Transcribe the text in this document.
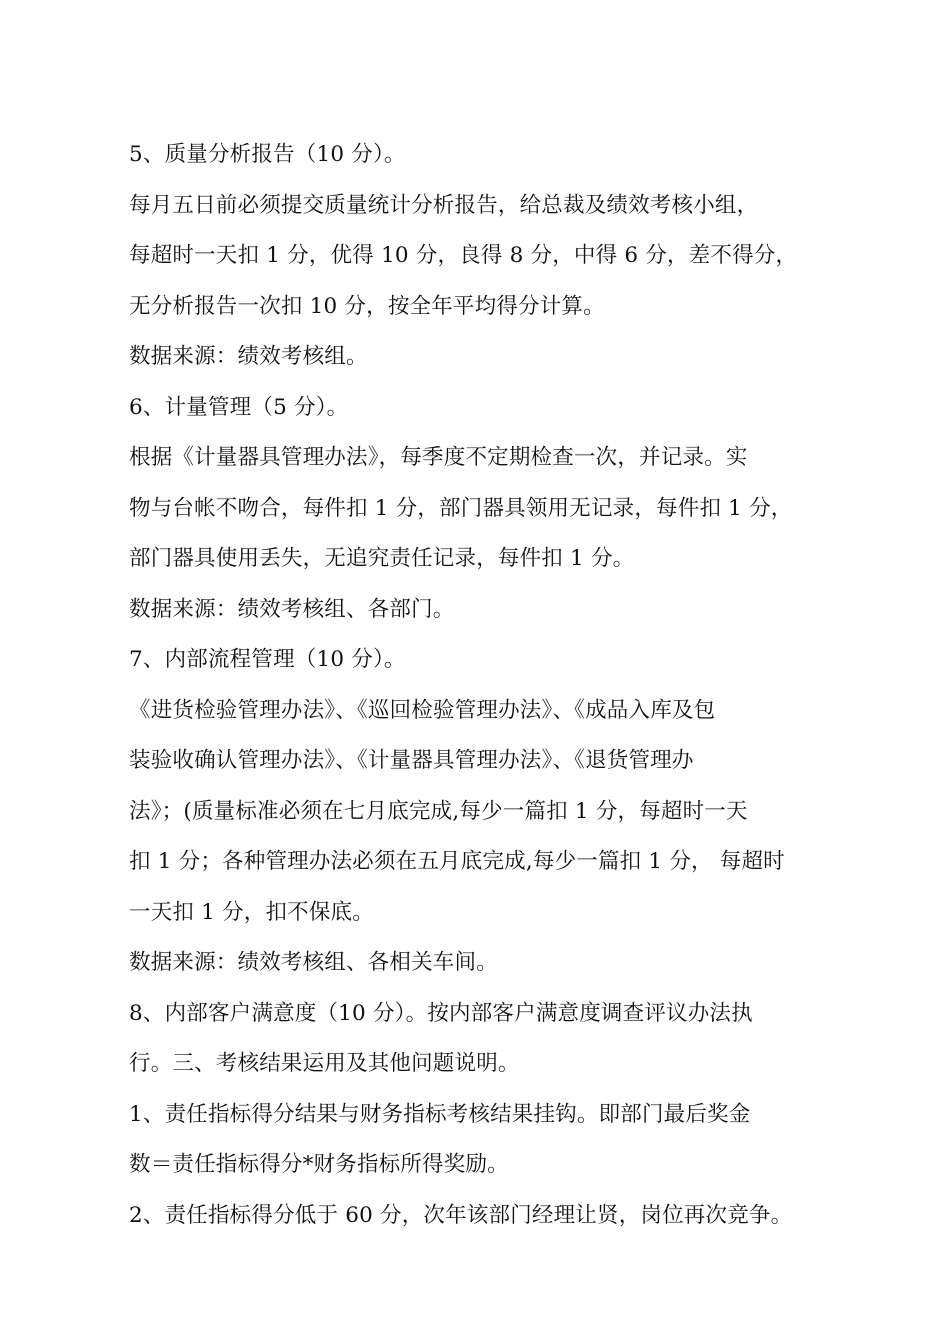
5、质量分析报告（10 分）。
每月五日前必须提交质量统计分析报告，给总裁及绩效考核小组，
每超时一天扣 1 分，优得 10 分，良得 8 分，中得 6 分，差不得分，
无分析报告一次扣 10 分，按全年平均得分计算。
数据来源：绩效考核组。
6、计量管理（5 分）。
根据《计量器具管理办法》，每季度不定期检查一次，并记录。实
物与台帐不吻合，每件扣 1 分，部门器具领用无记录，每件扣 1 分，
部门器具使用丢失，无追究责任记录，每件扣 1 分。
数据来源：绩效考核组、各部门。
7、内部流程管理（10 分）。
《进货检验管理办法》、《巡回检验管理办法》、《成品入库及包
装验收确认管理办法》、《计量器具管理办法》、《退货管理办
法》；(质量标准必须在七月底完成,每少一篇扣 1 分，每超时一天
扣 1 分；各种管理办法必须在五月底完成,每少一篇扣 1 分， 每超时
一天扣 1 分，扣不保底。
数据来源：绩效考核组、各相关车间。
8、内部客户满意度（10 分）。按内部客户满意度调查评议办法执
行。三、考核结果运用及其他问题说明。
1、责任指标得分结果与财务指标考核结果挂钩。即部门最后奖金
数＝责任指标得分*财务指标所得奖励。
2、责任指标得分低于 60 分，次年该部门经理让贤，岗位再次竞争。
